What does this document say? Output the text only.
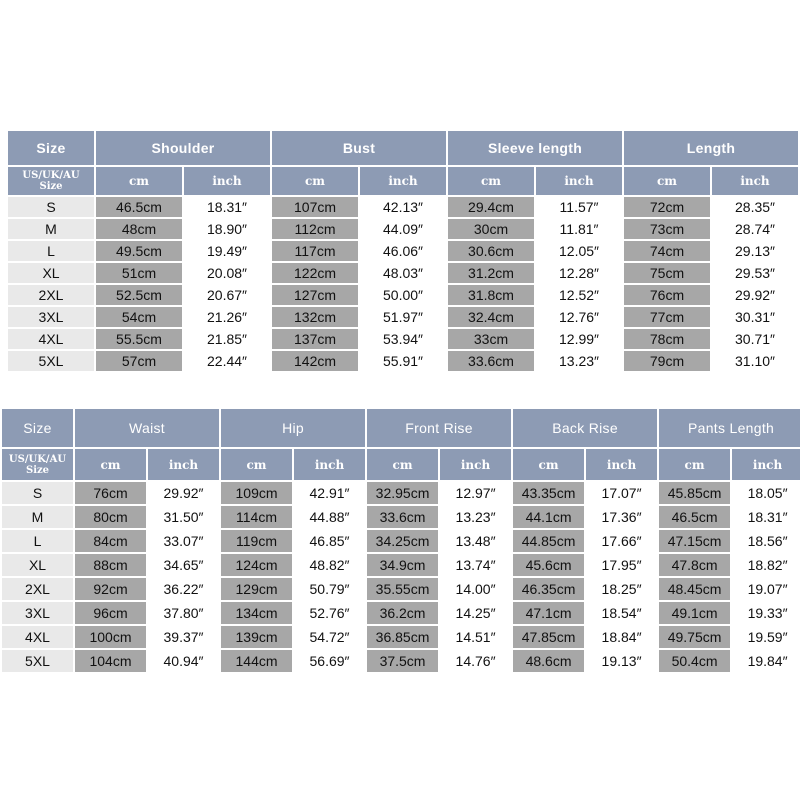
Size	Shoulder		Bust		Sleeve length		Length	
US/UK/AU
Size	cm	inch	cm	inch	cm	inch	cm	inch
S	46.5cm	18.31″	107cm	42.13″	29.4cm	11.57″	72cm	28.35″
M	48cm	18.90″	112cm	44.09″	30cm	11.81″	73cm	28.74″
L	49.5cm	19.49″	117cm	46.06″	30.6cm	12.05″	74cm	29.13″
XL	51cm	20.08″	122cm	48.03″	31.2cm	12.28″	75cm	29.53″
2XL	52.5cm	20.67″	127cm	50.00″	31.8cm	12.52″	76cm	29.92″
3XL	54cm	21.26″	132cm	51.97″	32.4cm	12.76″	77cm	30.31″
4XL	55.5cm	21.85″	137cm	53.94″	33cm	12.99″	78cm	30.71″
5XL	57cm	22.44″	142cm	55.91″	33.6cm	13.23″	79cm	31.10″
Size	Waist		Hip		Front Rise		Back Rise		Pants Length	
US/UK/AU
Size	cm	inch	cm	inch	cm	inch	cm	inch	cm	inch
S	76cm	29.92″	109cm	42.91″	32.95cm	12.97″	43.35cm	17.07″	45.85cm	18.05″
M	80cm	31.50″	114cm	44.88″	33.6cm	13.23″	44.1cm	17.36″	46.5cm	18.31″
L	84cm	33.07″	119cm	46.85″	34.25cm	13.48″	44.85cm	17.66″	47.15cm	18.56″
XL	88cm	34.65″	124cm	48.82″	34.9cm	13.74″	45.6cm	17.95″	47.8cm	18.82″
2XL	92cm	36.22″	129cm	50.79″	35.55cm	14.00″	46.35cm	18.25″	48.45cm	19.07″
3XL	96cm	37.80″	134cm	52.76″	36.2cm	14.25″	47.1cm	18.54″	49.1cm	19.33″
4XL	100cm	39.37″	139cm	54.72″	36.85cm	14.51″	47.85cm	18.84″	49.75cm	19.59″
5XL	104cm	40.94″	144cm	56.69″	37.5cm	14.76″	48.6cm	19.13″	50.4cm	19.84″
